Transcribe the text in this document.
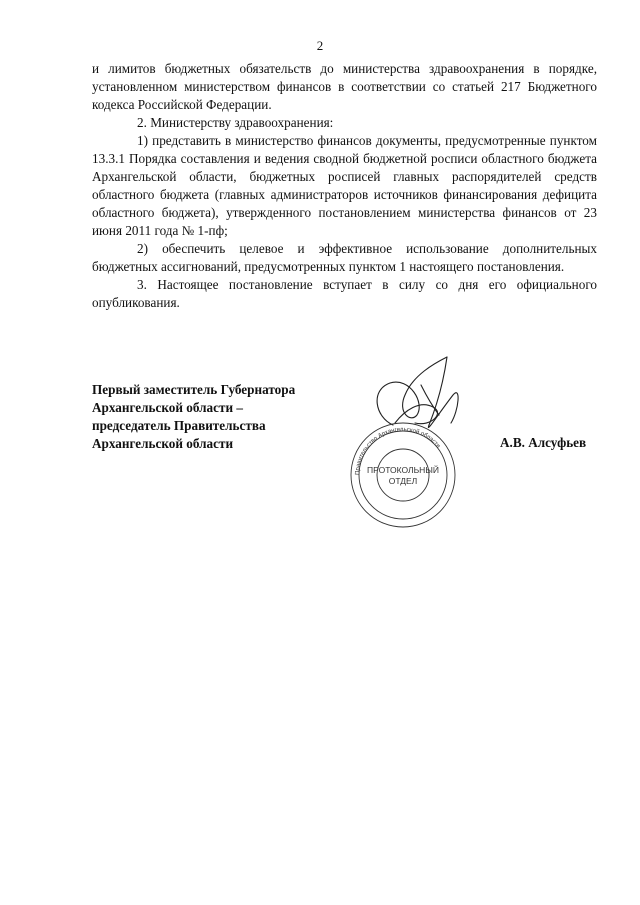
2

и лимитов бюджетных обязательств до министерства здравоохранения в порядке, установленном министерством финансов в соответствии со статьей 217 Бюджетного кодекса Российской Федерации.

2. Министерству здравоохранения:

1) представить в министерство финансов документы, предусмотренные пунктом 13.3.1 Порядка составления и ведения сводной бюджетной росписи областного бюджета Архангельской области, бюджетных росписей главных распорядителей средств областного бюджета (главных администраторов источников финансирования дефицита областного бюджета), утвержденного постановлением министерства финансов от 23 июня 2011 года № 1-пф;

2) обеспечить целевое и эффективное использование дополнительных бюджетных ассигнований, предусмотренных пунктом 1 настоящего постановления.

3. Настоящее постановление вступает в силу со дня его официального опубликования.

Первый заместитель Губернатора
Архангельской области –
председатель Правительства
Архангельской области	А.В. Алсуфьев
Правительство Архангельской области
ПРОТОКОЛЬНЫЙ
ОТДЕЛ
